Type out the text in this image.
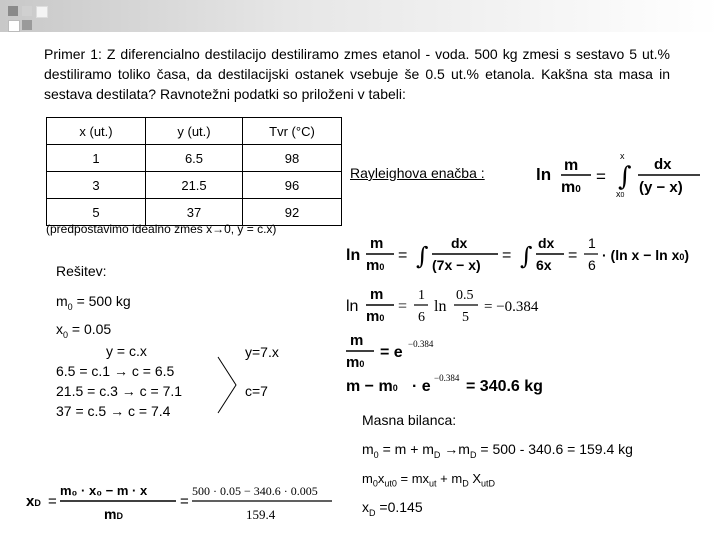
Primer 1: Z diferencialno destilacijo destiliramo zmes etanol - voda. 500 kg zmesi s sestavo 5 ut.% destiliramo toliko časa, da destilacijski ostanek vsebuje še 0.5 ut.% etanola. Kakšna sta masa in sestava destilata? Ravnotežni podatki so priloženi v tabeli:

x (ut.)	y (ut.)	Tvr (°C)
1	6.5	98
3	21.5	96
5	37	92
(predpostavimo idealno zmes x→0, y = c.x)
Rayleighova enačba :	ln m
m0
=
x
∫
x0
dx
(y − x)
ln
m
m0
= ∫ dx
(7x − x)
= ∫ dx
6x
=
1
6
· (ln x − ln x0)
ln
m
m0
=
1
6
ln
0.5
5
= −0.384
m
m0
= e −0.384
m − m0 · e −0.384 = 340.6 kg
Rešitev:
$m_0 = 500$ kg
$x_0 = 0.05$
y = c.x
6.5 = c.1 → c = 6.5
21.5 = c.3 → c = 7.1
37 = c.5 → c = 7.4
y=7.x
c=7
Masna bilanca:
$m_0 = m + m_D \to m_D = 500 - 340.6 = 159.4$ kg
$m_0x_{ut0} = mx_{ut} + m_D$ $X_{utD}$
$x_D =0.145$
xD =
m₀ · x₀ − m · x
mD
=
500 · 0.05 − 340.6 · 0.005
159.4
